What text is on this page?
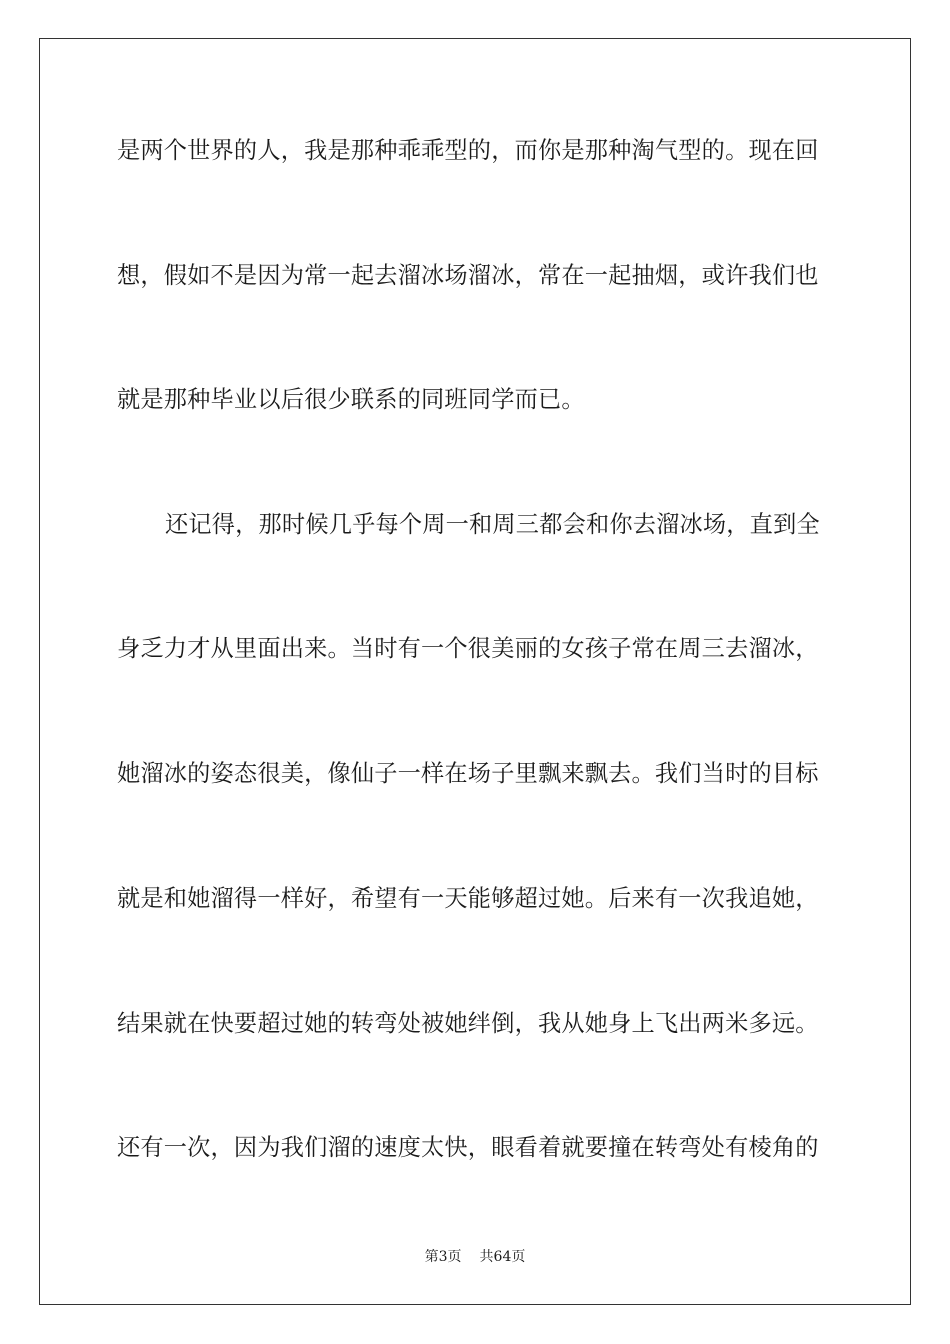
是两个世界的人，我是那种乖乖型的，而你是那种淘气型的。现在回
想，假如不是因为常一起去溜冰场溜冰，常在一起抽烟，或许我们也
就是那种毕业以后很少联系的同班同学而已。
还记得，那时候几乎每个周一和周三都会和你去溜冰场，直到全
身乏力才从里面出来。当时有一个很美丽的女孩子常在周三去溜冰，
她溜冰的姿态很美，像仙子一样在场子里飘来飘去。我们当时的目标
就是和她溜得一样好，希望有一天能够超过她。后来有一次我追她，
结果就在快要超过她的转弯处被她绊倒，我从她身上飞出两米多远。
还有一次，因为我们溜的速度太快，眼看着就要撞在转弯处有棱角的
第3页 共64页
